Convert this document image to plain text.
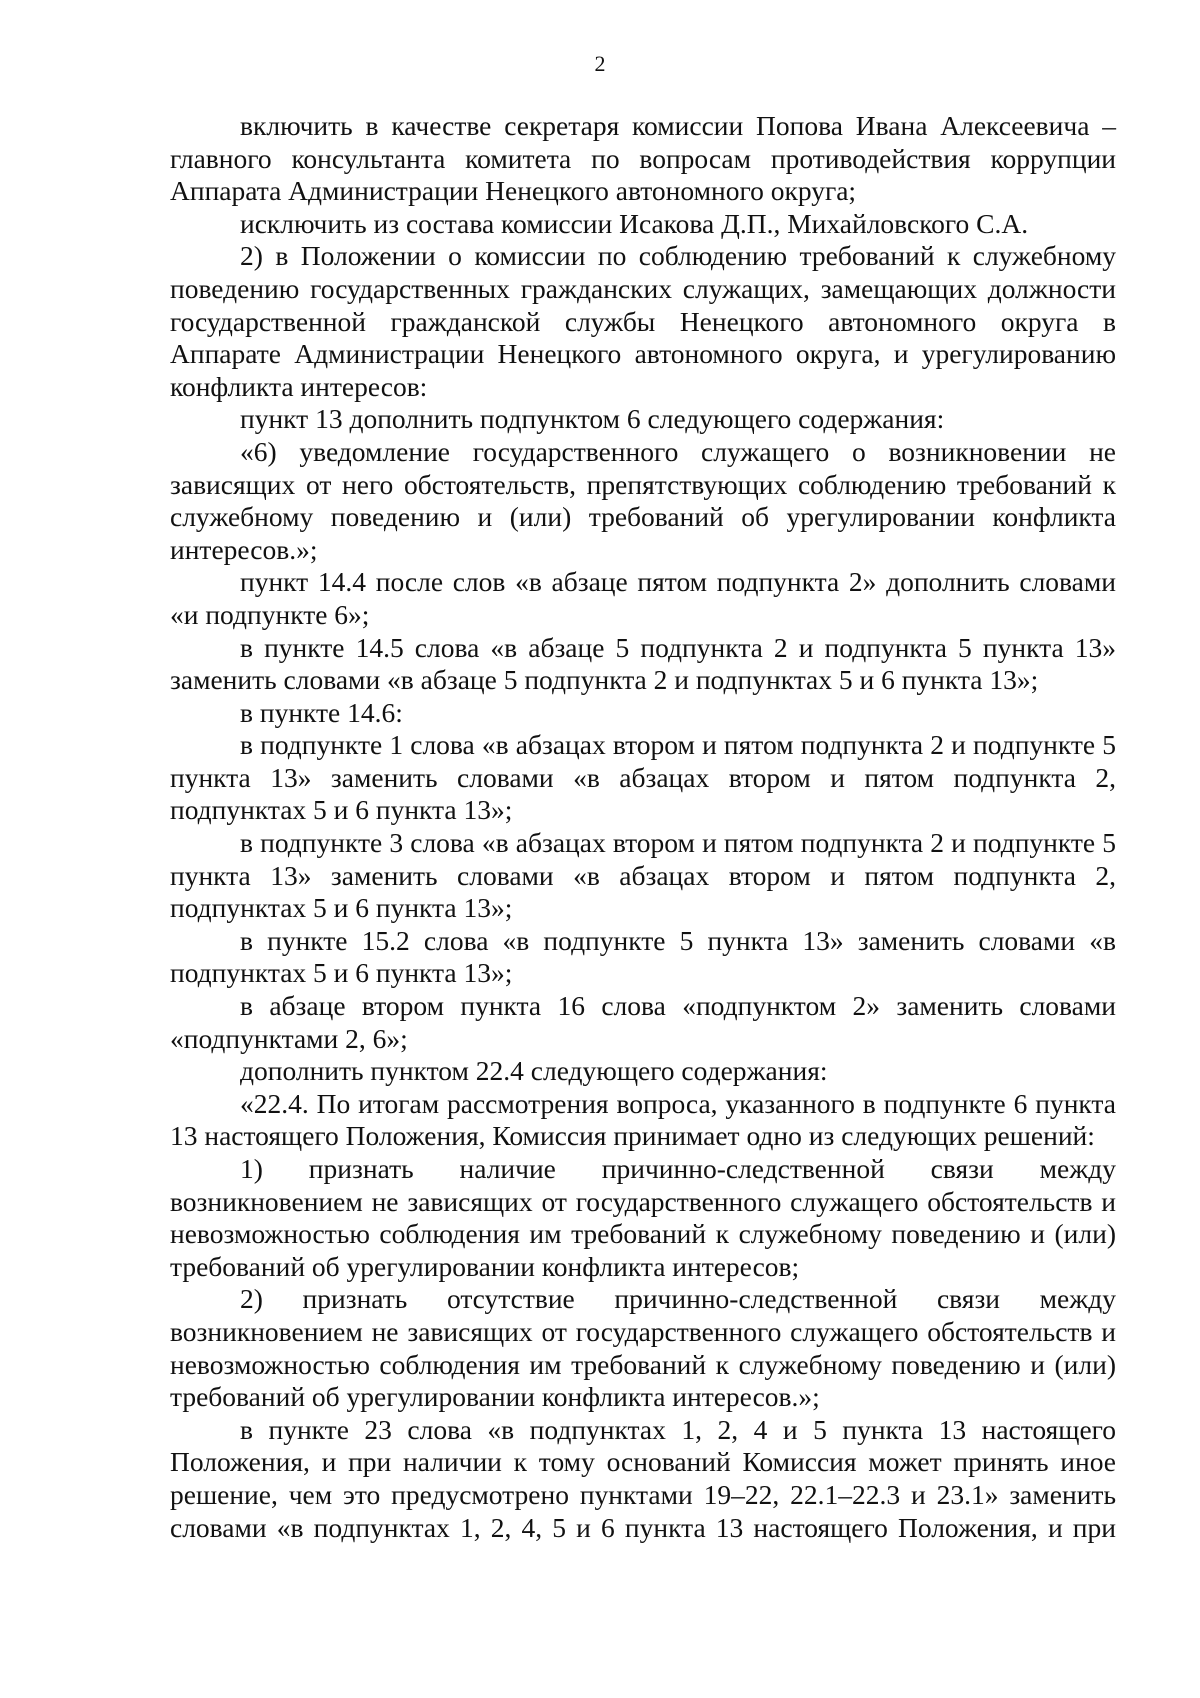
2

включить в качестве секретаря комиссии Попова Ивана Алексеевича – главного консультанта комитета по вопросам противодействия коррупции Аппарата Администрации Ненецкого автономного округа;

исключить из состава комиссии Исакова Д.П., Михайловского С.А.

2) в Положении о комиссии по соблюдению требований к служебному поведению государственных гражданских служащих, замещающих должности государственной гражданской службы Ненецкого автономного округа в Аппарате Администрации Ненецкого автономного округа, и урегулированию конфликта интересов:

пункт 13 дополнить подпунктом 6 следующего содержания:

«6) уведомление государственного служащего о возникновении не зависящих от него обстоятельств, препятствующих соблюдению требований к служебному поведению и (или) требований об урегулировании конфликта интересов.»;

пункт 14.4 после слов «в абзаце пятом подпункта 2» дополнить словами «и подпункте 6»;

в пункте 14.5 слова «в абзаце 5 подпункта 2 и подпункта 5 пункта 13» заменить словами «в абзаце 5 подпункта 2 и подпунктах 5 и 6 пункта 13»;

в пункте 14.6:

в подпункте 1 слова «в абзацах втором и пятом подпункта 2 и подпункте 5 пункта 13» заменить словами «в абзацах втором и пятом подпункта 2, подпунктах 5 и 6 пункта 13»;

в подпункте 3 слова «в абзацах втором и пятом подпункта 2 и подпункте 5 пункта 13» заменить словами «в абзацах втором и пятом подпункта 2, подпунктах 5 и 6 пункта 13»;

в пункте 15.2 слова «в подпункте 5 пункта 13» заменить словами «в подпунктах 5 и 6 пункта 13»;

в абзаце втором пункта 16 слова «подпунктом 2» заменить словами «подпунктами 2, 6»;

дополнить пунктом 22.4 следующего содержания:

«22.4. По итогам рассмотрения вопроса, указанного в подпункте 6 пункта 13 настоящего Положения, Комиссия принимает одно из следующих решений:

1) признать наличие причинно-следственной связи между возникновением не зависящих от государственного служащего обстоятельств и невозможностью соблюдения им требований к служебному поведению и (или) требований об урегулировании конфликта интересов;

2) признать отсутствие причинно-следственной связи между возникновением не зависящих от государственного служащего обстоятельств и невозможностью соблюдения им требований к служебному поведению и (или) требований об урегулировании конфликта интересов.»;

в пункте 23 слова «в подпунктах 1, 2, 4 и 5 пункта 13 настоящего Положения, и при наличии к тому оснований Комиссия может принять иное решение, чем это предусмотрено пунктами 19–22, 22.1–22.3 и 23.1» заменить словами «в подпунктах 1, 2, 4, 5 и 6 пункта 13 настоящего Положения, и при
